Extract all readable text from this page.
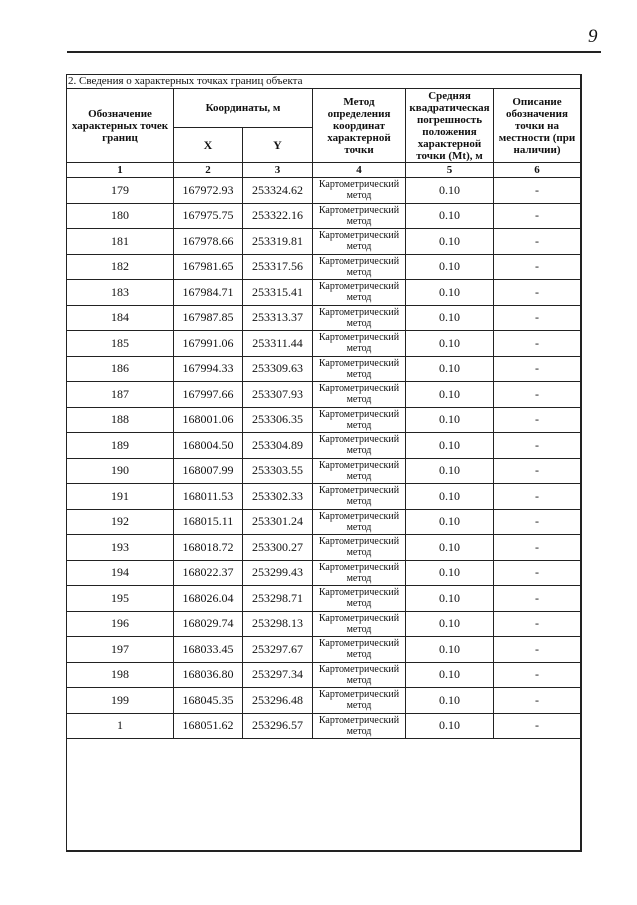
9
2. Сведения о характерных точках границ объекта
Обозначение характерных точек границ	Координаты, м		Метод определения координат характерной точки	Средняя квадратическая погрешность положения характерной точки (Mt), м	Описание обозначения точки на местности (при наличии)
	X	Y			
1	2	3	4	5	6
179	167972.93	253324.62	Картометрический метод	0.10	-
180	167975.75	253322.16	Картометрический метод	0.10	-
181	167978.66	253319.81	Картометрический метод	0.10	-
182	167981.65	253317.56	Картометрический метод	0.10	-
183	167984.71	253315.41	Картометрический метод	0.10	-
184	167987.85	253313.37	Картометрический метод	0.10	-
185	167991.06	253311.44	Картометрический метод	0.10	-
186	167994.33	253309.63	Картометрический метод	0.10	-
187	167997.66	253307.93	Картометрический метод	0.10	-
188	168001.06	253306.35	Картометрический метод	0.10	-
189	168004.50	253304.89	Картометрический метод	0.10	-
190	168007.99	253303.55	Картометрический метод	0.10	-
191	168011.53	253302.33	Картометрический метод	0.10	-
192	168015.11	253301.24	Картометрический метод	0.10	-
193	168018.72	253300.27	Картометрический метод	0.10	-
194	168022.37	253299.43	Картометрический метод	0.10	-
195	168026.04	253298.71	Картометрический метод	0.10	-
196	168029.74	253298.13	Картометрический метод	0.10	-
197	168033.45	253297.67	Картометрический метод	0.10	-
198	168036.80	253297.34	Картометрический метод	0.10	-
199	168045.35	253296.48	Картометрический метод	0.10	-
1	168051.62	253296.57	Картометрический метод	0.10	-
